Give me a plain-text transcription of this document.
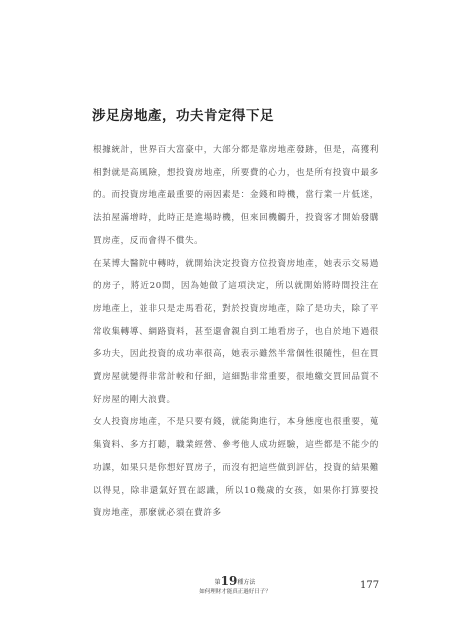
涉足房地產，功夫肯定得下足

根據統計，世界百大富豪中，大部分都是靠房地產發跡，但是，高獲利相對就是高風險，想投資房地產，所要費的心力，也是所有投資中最多的。而投資房地產最重要的兩因素是：金錢和時機，當行業一片低迷，法拍屋滿增時，此時正是進場時機，但來回機觸升，投資客才開始發購買房產，反而會得不償失。

在某博大醫院中轉時，就開始決定投資方位投資房地產，她表示交易過的房子，將近20間，因為她做了這項決定，所以就開始將時間投注在房地產上，並非只是走馬看花，對於投資房地產，除了是功夫，除了平常收集轉導、網路資料，甚至還會親自到工地看房子，也自於地下過很多功夫，因此投資的成功率很高，她表示雖然半常個性很隨性，但在買賣房屋就變得非常計較和仔細，這細點非常重要，很地繳交買回品質不好房屋的剛大浪費。

女人投資房地產，不是只要有錢，就能夠進行，本身態度也很重要，蒐集資料、多方打聽，職業經營、參考他人成功經驗，這些都是不能少的功課，如果只是你想好買房子，而沒有把這些做到評估，投資的結果難以得見，除非還氣好買在認識，所以10幾歲的女孩，如果你打算要投資房地產，那麼就必須在費許多

第19種方法
如何理財才能真正過好日子？
177
